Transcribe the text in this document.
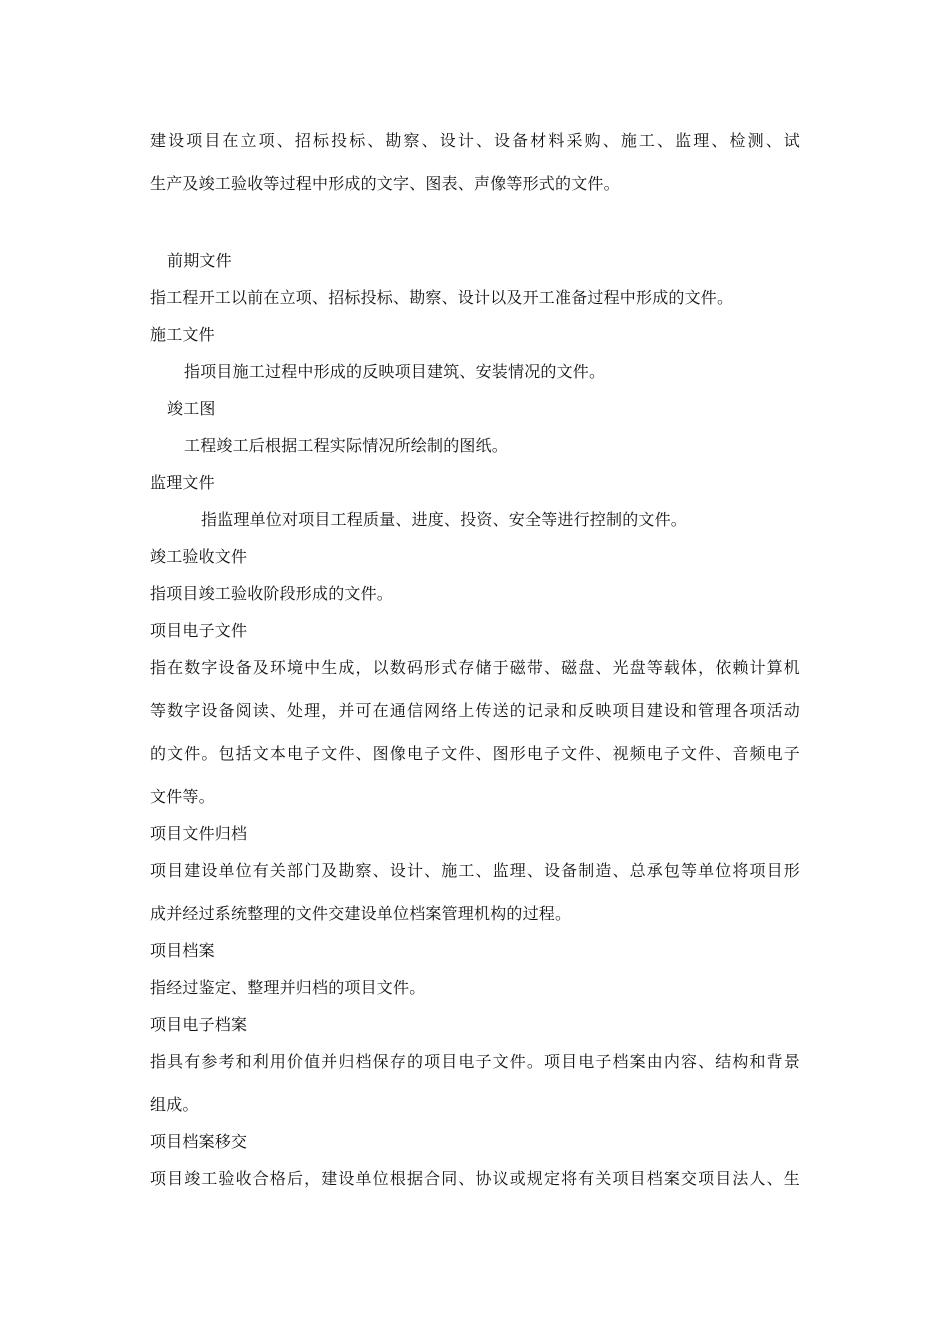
建设项目在立项、招标投标、勘察、设计、设备材料采购、施工、监理、检测、试
生产及竣工验收等过程中形成的文字、图表、声像等形式的文件。
前期文件
指工程开工以前在立项、招标投标、勘察、设计以及开工准备过程中形成的文件。
施工文件
指项目施工过程中形成的反映项目建筑、安装情况的文件。
竣工图
工程竣工后根据工程实际情况所绘制的图纸。
监理文件
指监理单位对项目工程质量、进度、投资、安全等进行控制的文件。
竣工验收文件
指项目竣工验收阶段形成的文件。
项目电子文件
指在数字设备及环境中生成，以数码形式存储于磁带、磁盘、光盘等载体，依赖计算机
等数字设备阅读、处理，并可在通信网络上传送的记录和反映项目建设和管理各项活动
的文件。包括文本电子文件、图像电子文件、图形电子文件、视频电子文件、音频电子
文件等。
项目文件归档
项目建设单位有关部门及勘察、设计、施工、监理、设备制造、总承包等单位将项目形
成并经过系统整理的文件交建设单位档案管理机构的过程。
项目档案
指经过鉴定、整理并归档的项目文件。
项目电子档案
指具有参考和利用价值并归档保存的项目电子文件。项目电子档案由内容、结构和背景
组成。
项目档案移交
项目竣工验收合格后，建设单位根据合同、协议或规定将有关项目档案交项目法人、生
